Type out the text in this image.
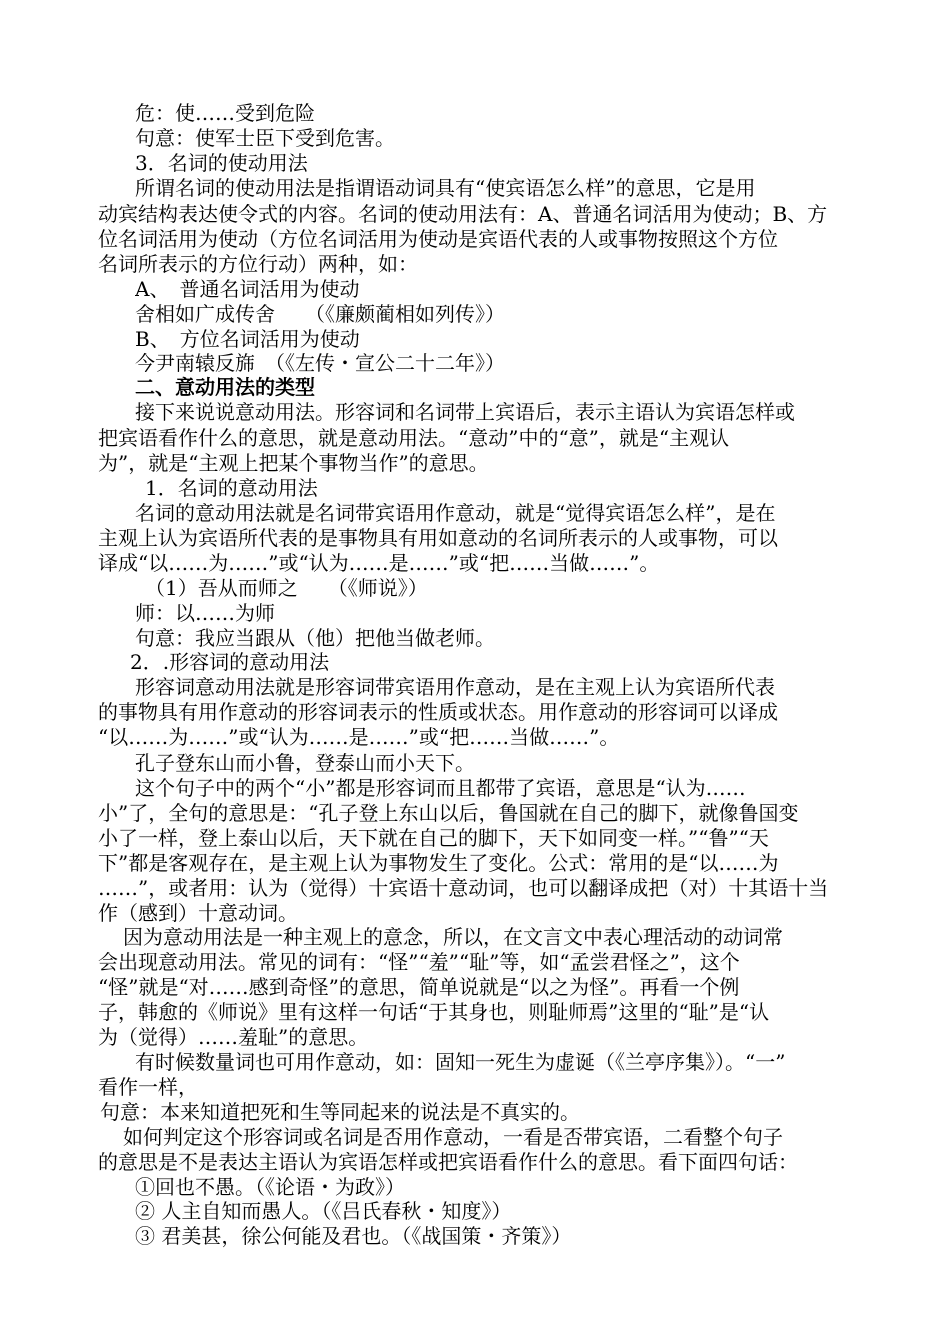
危：使……受到危险
句意：使军士臣下受到危害。
3．名词的使动用法
所谓名词的使动用法是指谓语动词具有“使宾语怎么样”的意思，它是用
动宾结构表达使令式的内容。名词的使动用法有：A、普通名词活用为使动；B、方
位名词活用为使动（方位名词活用为使动是宾语代表的人或事物按照这个方位
名词所表示的方位行动）两种，如：
A、　普通名词活用为使动
舍相如广成传舍　　（《廉颇蔺相如列传》）
B、　方位名词活用为使动
今尹南辕反旆　（《左传・宣公二十二年》）
二、意动用法的类型
接下来说说意动用法。形容词和名词带上宾语后，表示主语认为宾语怎样或
把宾语看作什么的意思，就是意动用法。“意动”中的“意”，就是“主观认
为”，就是“主观上把某个事物当作”的意思。
1．名词的意动用法
名词的意动用法就是名词带宾语用作意动，就是“觉得宾语怎么样”，是在
主观上认为宾语所代表的是事物具有用如意动的名词所表示的人或事物，可以
译成“以……为……”或“认为……是……”或“把……当做……”。
（1）吾从而师之　　（《师说》）
师：以……为师
句意：我应当跟从（他）把他当做老师。
2．.形容词的意动用法
形容词意动用法就是形容词带宾语用作意动，是在主观上认为宾语所代表
的事物具有用作意动的形容词表示的性质或状态。用作意动的形容词可以译成
“以……为……”或“认为……是……”或“把……当做……”。
孔子登东山而小鲁，登泰山而小天下。
这个句子中的两个“小”都是形容词而且都带了宾语，意思是“认为……
小”了，全句的意思是：“孔子登上东山以后，鲁国就在自己的脚下，就像鲁国变
小了一样，登上泰山以后，天下就在自己的脚下，天下如同变一样。”“鲁”“天
下”都是客观存在，是主观上认为事物发生了变化。公式：常用的是“以……为
……”，或者用：认为（觉得）十宾语十意动词，也可以翻译成把（对）十其语十当
作（感到）十意动词。
因为意动用法是一种主观上的意念，所以，在文言文中表心理活动的动词常
会出现意动用法。常见的词有：“怪”“羞”“耻”等，如“孟尝君怪之”，这个
“怪”就是“对……感到奇怪”的意思，简单说就是“以之为怪”。再看一个例
子，韩愈的《师说》里有这样一句话“于其身也，则耻师焉”这里的“耻”是“认
为（觉得）……羞耻”的意思。
有时候数量词也可用作意动，如：固知一死生为虚诞（《兰亭序集》）。“一”
看作一样，
句意：本来知道把死和生等同起来的说法是不真实的。
如何判定这个形容词或名词是否用作意动，一看是否带宾语，二看整个句子
的意思是不是表达主语认为宾语怎样或把宾语看作什么的意思。看下面四句话：
①回也不愚。（《论语・为政》）
② 人主自知而愚人。（《吕氏春秋・知度》）
③ 君美甚，徐公何能及君也。（《战国策・齐策》）
